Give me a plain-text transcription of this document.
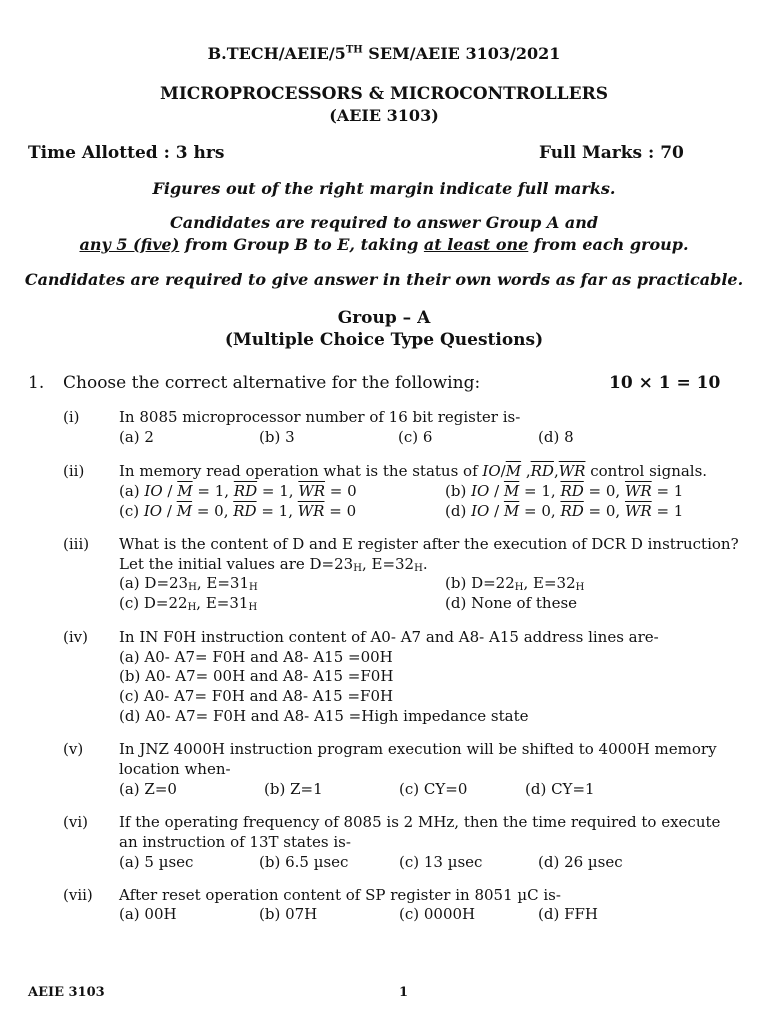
B.TECH/AEIE/5TH SEM/AEIE 3103/2021
MICROPROCESSORS & MICROCONTROLLERS
(AEIE 3103)
Time Allotted : 3 hrs	Full Marks : 70
Figures out of the right margin indicate full marks.
Candidates are required to answer Group A and
any 5 (five) from Group B to E, taking at least one from each group.
Candidates are required to give answer in their own words as far as practicable.
Group – A
(Multiple Choice Type Questions)
1. Choose the correct alternative for the following:	10 × 1 = 10
(i)	In 8085 microprocessor number of 16 bit register is-
(a) 2	(b) 3	(c) 6	(d) 8
(ii) In memory read operation what is the status of $IO/\overline{M}$ $,\overline{RD},\overline{WR}$ control signals.
(a) IO / $\overline{M} = 1$, $\overline{RD} = 1$, $\overline{WR} = 0$	(b) IO / $\overline{M} = 1$, $\overline{RD} = 0$, $\overline{WR} = 1$
(c) IO / $\overline{M} = 0$, $\overline{RD} = 1$, $\overline{WR} = 0$	(d) IO / $\overline{M} = 0$, $\overline{RD} = 0$, $\overline{WR} = 1$
(iii) What is the content of D and E register after the execution of DCR D instruction?
Let the initial values are $D=23_H$, $E=32_H$.
(a) $D=23_H$, $E=31_H$	(b) $D=22_H$, $E=32_H$
(c) $D=22_H$, $E=31_H$	(d) None of these
(iv) In IN F0H instruction content of A0- A7 and A8- A15 address lines are-
(a) A0- A7= F0H and A8- A15 =00H
(b) A0- A7= 00H and A8- A15 =F0H
(c) A0- A7= F0H and A8- A15 =F0H
(d) A0- A7= F0H and A8- A15 =High impedance state
(v) In JNZ 4000H instruction program execution will be shifted to 4000H memory
location when-
(a) Z=0	(b) Z=1	(c) CY=0	(d) CY=1
(vi) If the operating frequency of 8085 is 2 MHz, then the time required to execute
an instruction of 13T states is-
(a) 5 µsec	(b) 6.5 µsec	(c) 13 µsec	(d) 26 µsec
(vii) After reset operation content of SP register in 8051 µC is-
(a) 00H	(b) 07H	(c) 0000H	(d) FFH
AEIE 3103	1
